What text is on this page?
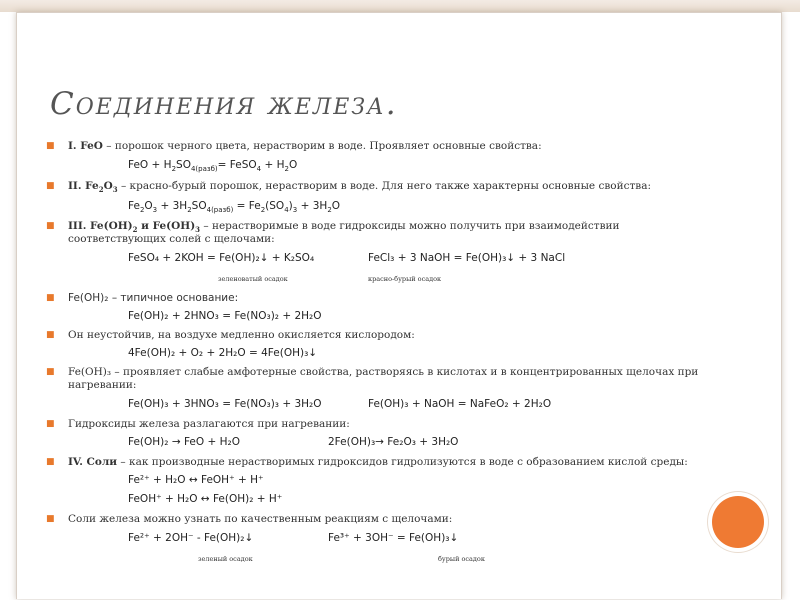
Соединения железа.
■ I. FeO – порошок черного цвета, нерастворим в воде. Проявляет основные свойства:
FeO + $H_2SO_{4(разб)}=$ FeSO$_4$ + $H_2O$
■ II. $Fe_2O_3$ – красно-бурый порошок, нерастворим в воде. Для него также характерны основные свойства:
$Fe_2O_3 + 3H_2SO_{4(разб)} = Fe_2(SO_4)_3 + 3H_2O$
■ III. $Fe(OH)_2$ и $Fe(OH)_3$ – нерастворимые в воде гидроксиды можно получить при взаимодействии соответствующих солей с щелочами:
FeSO₄ + 2KOH = Fe(OH)₂↓ + K₂SO₄	FeCl₃ + 3 NaOH = Fe(OH)₃↓ + 3 NaCl
зеленоватый осадок	красно-бурый осадок
■ Fe(OH)₂ – типичное основание:
Fe(OH)₂ + 2HNO₃ = Fe(NO₃)₂ + 2H₂O
■ Он неустойчив, на воздухе медленно окисляется кислородом:
4Fe(OH)₂ + O₂ + 2H₂O = 4Fe(OH)₃↓
■ Fe(OH)₃ – проявляет слабые амфотерные свойства, растворяясь в кислотах и в концентрированных щелочах при нагревании:
Fe(OH)₃ + 3HNO₃ = Fe(NO₃)₃ + 3H₂O	Fe(OH)₃ + NaOH = NaFeO₂ + 2H₂O
■ Гидроксиды железа разлагаются при нагревании:
Fe(OH)₂ → FeO + H₂O	2Fe(OH)₃→ Fe₂O₃ + 3H₂O
■ IV. Соли – как производные нерастворимых гидроксидов гидролизуются в воде с образованием кислой среды:
Fe²⁺ + H₂O ↔ FeOH⁺ + H⁺
FeOH⁺ + H₂O ↔ Fe(OH)₂ + H⁺
■ Соли железа можно узнать по качественным реакциям с щелочами:
Fe²⁺ + 2OH⁻ - Fe(OH)₂↓	Fe³⁺ + 3OH⁻ = Fe(OH)₃↓
зеленый осадок	бурый осадок
